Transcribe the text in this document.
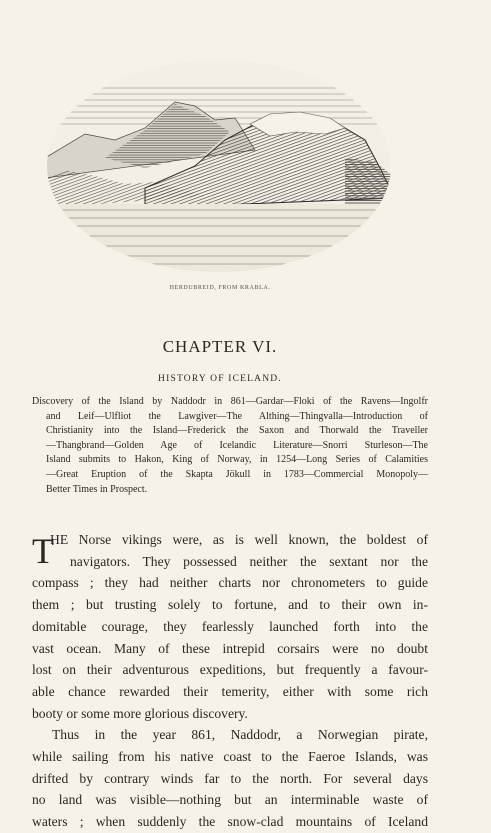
HERDUBREID, FROM KRABLA.
CHAPTER VI.
HISTORY OF ICELAND.
Discovery of the Island by Naddodr in 861—Gardar—Floki of the Ravens—Ingolfr
and Leif—Ulfliot the Lawgiver—The Althing—Thingvalla—Introduction of
Christianity into the Island—Frederick the Saxon and Thorwald the Traveller
—Thangbrand—Golden Age of Icelandic Literature—Snorri Sturleson—The
Island submits to Hakon, King of Norway, in 1254—Long Series of Calamities
—Great Eruption of the Skapta Jökull in 1783—Commercial Monopoly—
Better Times in Prospect.
T
HE Norse vikings were, as is well known, the boldest of
navigators. They possessed neither the sextant nor the
compass ; they had neither charts nor chronometers to guide
them ; but trusting solely to fortune, and to their own in-
domitable courage, they fearlessly launched forth into the
vast ocean. Many of these intrepid corsairs were no doubt
lost on their adventurous expeditions, but frequently a favour-
able chance rewarded their temerity, either with some rich
booty or some more glorious discovery.
Thus in the year 861, Naddodr, a Norwegian pirate,
while sailing from his native coast to the Faeroe Islands, was
drifted by contrary winds far to the north. For several days
no land was visible—nothing but an interminable waste of
waters ; when suddenly the snow-clad mountains of Iceland
